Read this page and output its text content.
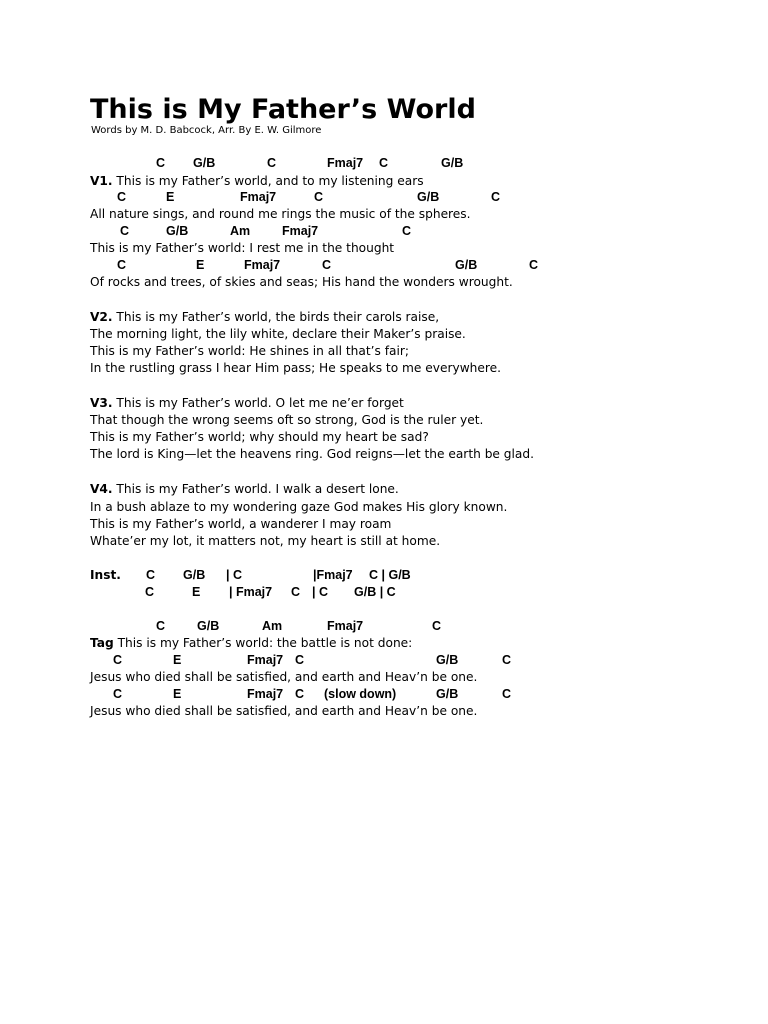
This is My Father’s World
Words by M. D. Babcock, Arr. By E. W. Gilmore
C G/B	C	Fmaj7 C	G/B
V1. This is my Father’s world, and to my listening ears
C	E	Fmaj7	C	G/B	C
All nature sings, and round me rings the music of the spheres.
C	G/B	Am	Fmaj7	C
This is my Father’s world: I rest me in the thought
C	E	Fmaj7	C	G/B	C
Of rocks and trees, of skies and seas; His hand the wonders wrought.
V2. This is my Father’s world, the birds their carols raise,
The morning light, the lily white, declare their Maker’s praise.
This is my Father’s world: He shines in all that’s fair;
In the rustling grass I hear Him pass; He speaks to me everywhere.
V3. This is my Father’s world. O let me ne’er forget
That though the wrong seems oft so strong, God is the ruler yet.
This is my Father’s world; why should my heart be sad?
The lord is King—let the heavens ring. God reigns—let the earth be glad.
V4. This is my Father’s world. I walk a desert lone.
In a bush ablaze to my wondering gaze God makes His glory known.
This is my Father’s world, a wanderer I may roam
Whate’er my lot, it matters not, my heart is still at home.
Inst. C G/B | C	|Fmaj7 C | G/B
C	E | Fmaj7 C | C G/B | C
C	G/B	Am	Fmaj7	C
Tag This is my Father’s world: the battle is not done:
C	E	Fmaj7 C	G/B	C
Jesus who died shall be satisfied, and earth and Heav’n be one.
C	E	Fmaj7 C (slow down)	G/B	C
Jesus who died shall be satisfied, and earth and Heav’n be one.
